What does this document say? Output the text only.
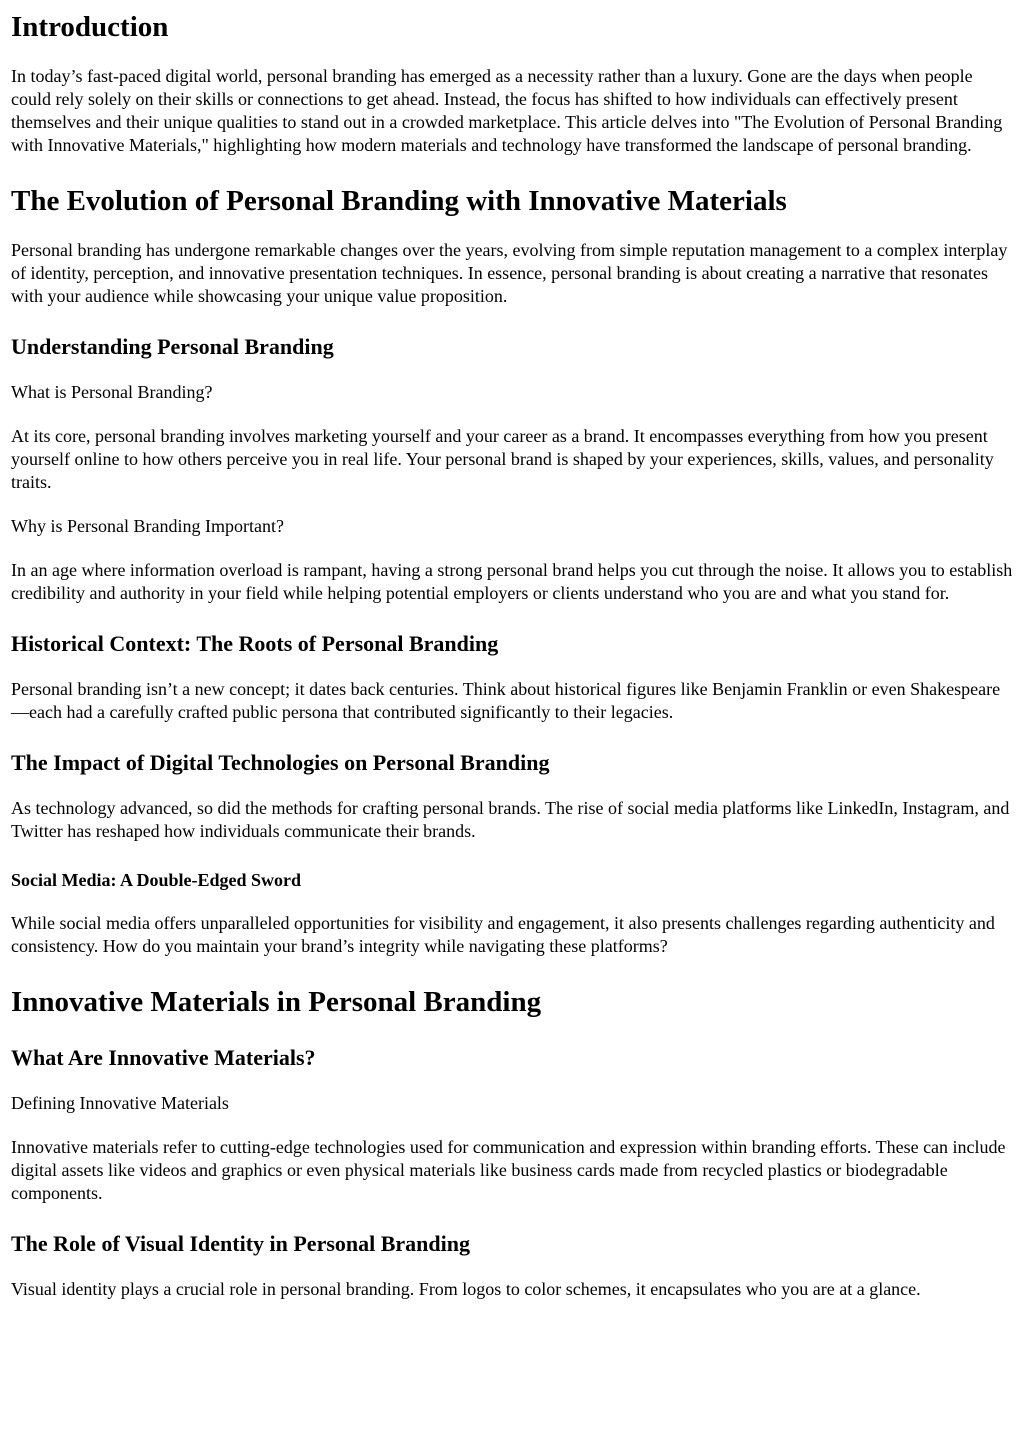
Introduction

In today’s fast-paced digital world, personal branding has emerged as a necessity rather than a luxury. Gone are the days when people could rely solely on their skills or connections to get ahead. Instead, the focus has shifted to how individuals can effectively present themselves and their unique qualities to stand out in a crowded marketplace. This article delves into "The Evolution of Personal Branding with Innovative Materials," highlighting how modern materials and technology have transformed the landscape of personal branding.

The Evolution of Personal Branding with Innovative Materials

Personal branding has undergone remarkable changes over the years, evolving from simple reputation management to a complex interplay of identity, perception, and innovative presentation techniques. In essence, personal branding is about creating a narrative that resonates with your audience while showcasing your unique value proposition.

Understanding Personal Branding

What is Personal Branding?

At its core, personal branding involves marketing yourself and your career as a brand. It encompasses everything from how you present yourself online to how others perceive you in real life. Your personal brand is shaped by your experiences, skills, values, and personality traits.

Why is Personal Branding Important?

In an age where information overload is rampant, having a strong personal brand helps you cut through the noise. It allows you to establish credibility and authority in your field while helping potential employers or clients understand who you are and what you stand for.

Historical Context: The Roots of Personal Branding

Personal branding isn’t a new concept; it dates back centuries. Think about historical figures like Benjamin Franklin or even Shakespeare—each had a carefully crafted public persona that contributed significantly to their legacies.

The Impact of Digital Technologies on Personal Branding

As technology advanced, so did the methods for crafting personal brands. The rise of social media platforms like LinkedIn, Instagram, and Twitter has reshaped how individuals communicate their brands.

Social Media: A Double-Edged Sword

While social media offers unparalleled opportunities for visibility and engagement, it also presents challenges regarding authenticity and consistency. How do you maintain your brand’s integrity while navigating these platforms?

Innovative Materials in Personal Branding
What Are Innovative Materials?

Defining Innovative Materials

Innovative materials refer to cutting-edge technologies used for communication and expression within branding efforts. These can include digital assets like videos and graphics or even physical materials like business cards made from recycled plastics or biodegradable components.

The Role of Visual Identity in Personal Branding

Visual identity plays a crucial role in personal branding. From logos to color schemes, it encapsulates who you are at a glance.
